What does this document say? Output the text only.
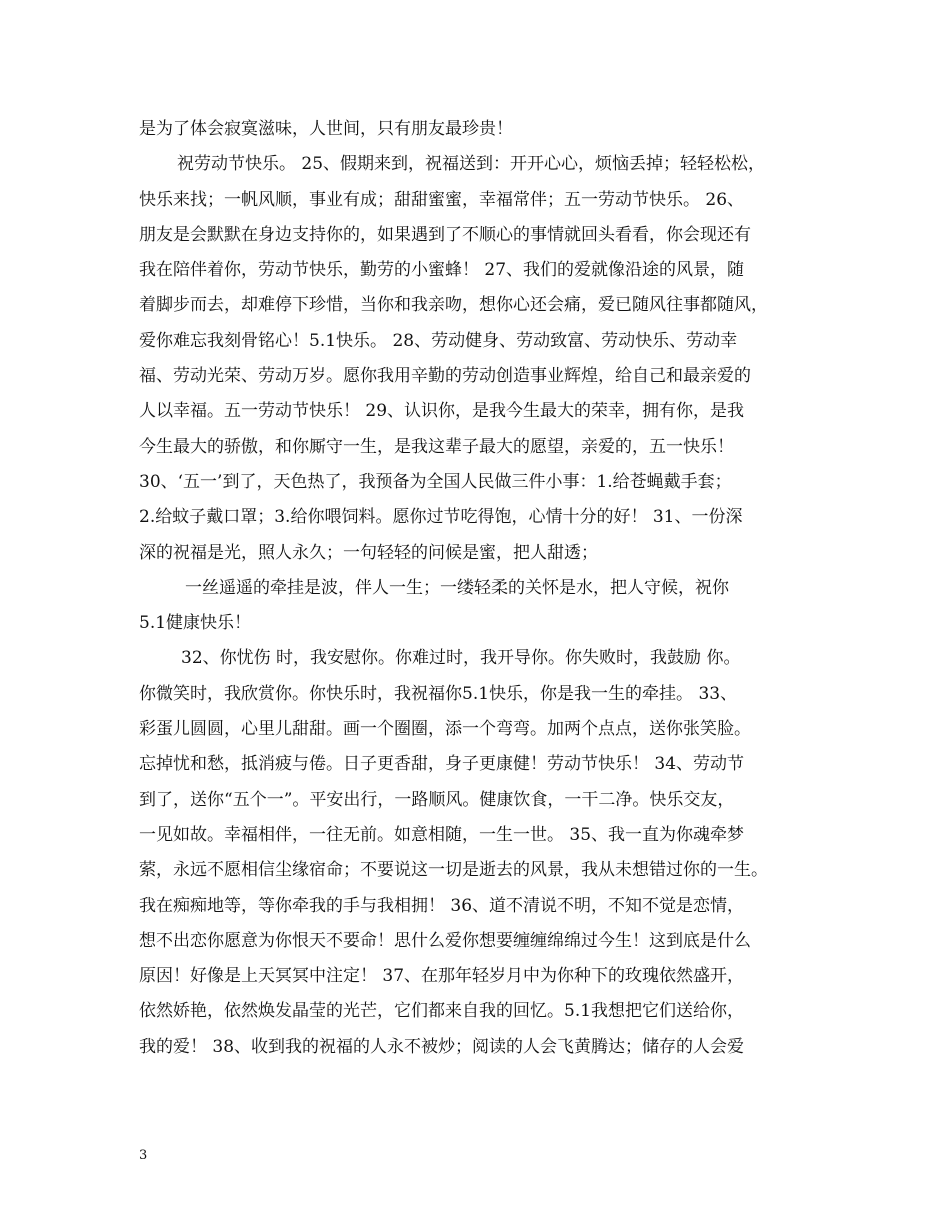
是为了体会寂寞滋味，人世间，只有朋友最珍贵！
祝劳动节快乐。 25、假期来到，祝福送到：开开心心，烦恼丢掉；轻轻松松，
快乐来找；一帆风顺，事业有成；甜甜蜜蜜，幸福常伴；五一劳动节快乐。 26、
朋友是会默默在身边支持你的，如果遇到了不顺心的事情就回头看看，你会现还有
我在陪伴着你，劳动节快乐，勤劳的小蜜蜂！ 27、我们的爱就像沿途的风景，随
着脚步而去，却难停下珍惜，当你和我亲吻，想你心还会痛，爱已随风往事都随风，
爱你难忘我刻骨铭心！5.1快乐。 28、劳动健身、劳动致富、劳动快乐、劳动幸
福、劳动光荣、劳动万岁。愿你我用辛勤的劳动创造事业辉煌，给自己和最亲爱的
人以幸福。五一劳动节快乐！ 29、认识你，是我今生最大的荣幸，拥有你，是我
今生最大的骄傲，和你厮守一生，是我这辈子最大的愿望，亲爱的，五一快乐！
30、‘五一’到了，天色热了，我预备为全国人民做三件小事：1.给苍蝇戴手套；
2.给蚊子戴口罩；3.给你喂饲料。愿你过节吃得饱，心情十分的好！ 31、一份深
深的祝福是光，照人永久；一句轻轻的问候是蜜，把人甜透；
一丝遥遥的牵挂是波，伴人一生；一缕轻柔的关怀是水，把人守候，祝你
5.1健康快乐！
32、你忧伤 时，我安慰你。你难过时，我开导你。你失败时，我鼓励 你。
你微笑时，我欣赏你。你快乐时，我祝福你5.1快乐，你是我一生的牵挂。 33、
彩蛋儿圆圆，心里儿甜甜。画一个圈圈，添一个弯弯。加两个点点，送你张笑脸。
忘掉忧和愁，抵消疲与倦。日子更香甜，身子更康健！劳动节快乐！ 34、劳动节
到了，送你“五个一”。平安出行，一路顺风。健康饮食，一干二净。快乐交友，
一见如故。幸福相伴，一往无前。如意相随，一生一世。 35、我一直为你魂牵梦
萦，永远不愿相信尘缘宿命；不要说这一切是逝去的风景，我从未想错过你的一生。
我在痴痴地等，等你牵我的手与我相拥！ 36、道不清说不明，不知不觉是恋情，
想不出恋你愿意为你恨天不要命！思什么爱你想要缠缠绵绵过今生！这到底是什么
原因！好像是上天冥冥中注定！ 37、在那年轻岁月中为你种下的玫瑰依然盛开，
依然娇艳，依然焕发晶莹的光芒，它们都来自我的回忆。5.1我想把它们送给你，
我的爱！ 38、收到我的祝福的人永不被炒；阅读的人会飞黄腾达；储存的人会爱
3
